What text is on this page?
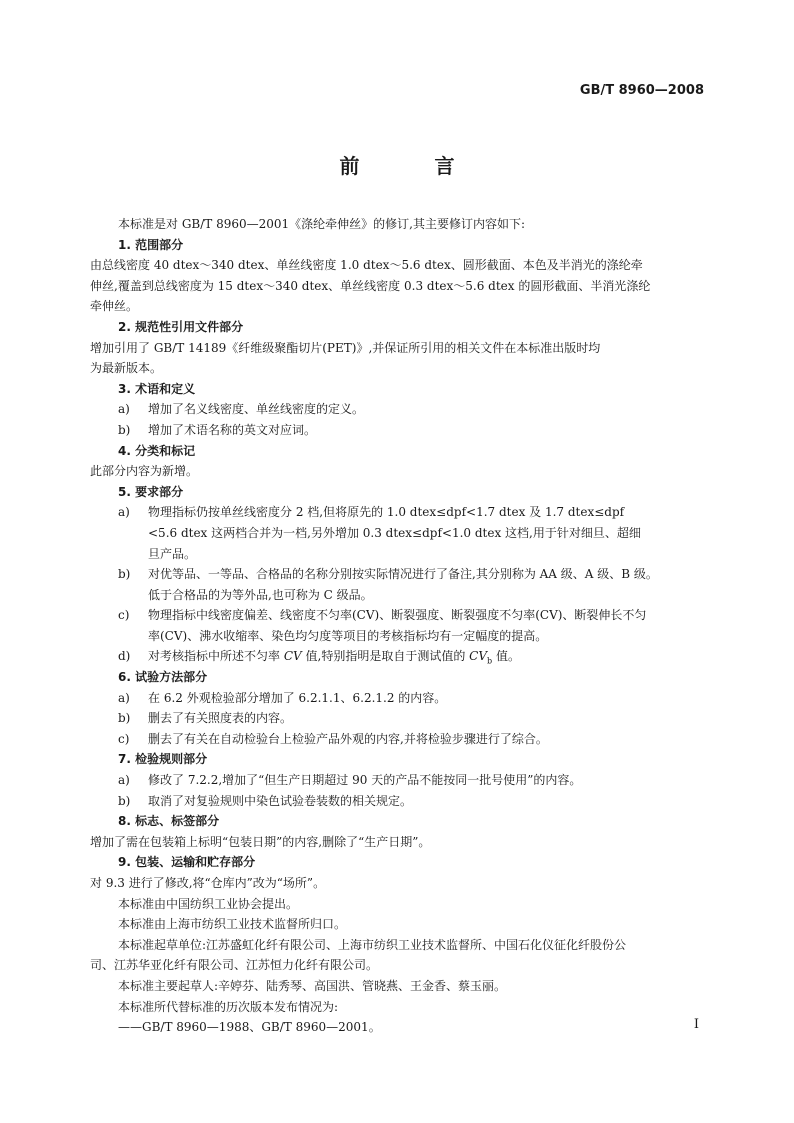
GB/T 8960—2008
前 言
本标准是对 GB/T 8960—2001《涤纶牵伸丝》的修订,其主要修订内容如下:
1. 范围部分
由总线密度 40 dtex～340 dtex、单丝线密度 1.0 dtex～5.6 dtex、圆形截面、本色及半消光的涤纶牵
伸丝,覆盖到总线密度为 15 dtex～340 dtex、单丝线密度 0.3 dtex～5.6 dtex 的圆形截面、半消光涤纶
牵伸丝。
2. 规范性引用文件部分
增加引用了 GB/T 14189《纤维级聚酯切片(PET)》,并保证所引用的相关文件在本标准出版时均
为最新版本。
3. 术语和定义
a) 增加了名义线密度、单丝线密度的定义。
b) 增加了术语名称的英文对应词。
4. 分类和标记
此部分内容为新增。
5. 要求部分
a)	物理指标仍按单丝线密度分 2 档,但将原先的 1.0 dtex≤dpf<1.7 dtex 及 1.7 dtex≤dpf
<5.6 dtex 这两档合并为一档,另外增加 0.3 dtex≤dpf<1.0 dtex 这档,用于针对细旦、超细
旦产品。
b) 对优等品、一等品、合格品的名称分别按实际情况进行了备注,其分别称为 AA 级、A 级、B 级。
低于合格品的为等外品,也可称为 C 级品。
c) 物理指标中线密度偏差、线密度不匀率(CV)、断裂强度、断裂强度不匀率(CV)、断裂伸长不匀
率(CV)、沸水收缩率、染色均匀度等项目的考核指标均有一定幅度的提高。
d) 对考核指标中所述不匀率 CV 值,特别指明是取自于测试值的 $CV_b$ 值。
6. 试验方法部分
a) 在 6.2 外观检验部分增加了 6.2.1.1、6.2.1.2 的内容。
b) 删去了有关照度表的内容。
c) 删去了有关在自动检验台上检验产品外观的内容,并将检验步骤进行了综合。
7. 检验规则部分
a) 修改了 7.2.2,增加了“但生产日期超过 90 天的产品不能按同一批号使用”的内容。
b) 取消了对复验规则中染色试验卷装数的相关规定。
8. 标志、标签部分
增加了需在包装箱上标明“包装日期”的内容,删除了“生产日期”。
9. 包装、运输和贮存部分
对 9.3 进行了修改,将“仓库内”改为“场所”。
本标准由中国纺织工业协会提出。
本标准由上海市纺织工业技术监督所归口。
本标准起草单位:江苏盛虹化纤有限公司、上海市纺织工业技术监督所、中国石化仪征化纤股份公
司、江苏华亚化纤有限公司、江苏恒力化纤有限公司。
本标准主要起草人:辛婷芬、陆秀琴、高国洪、管晓燕、王金香、蔡玉丽。
本标准所代替标准的历次版本发布情况为:
——GB/T 8960—1988、GB/T 8960—2001。	I
